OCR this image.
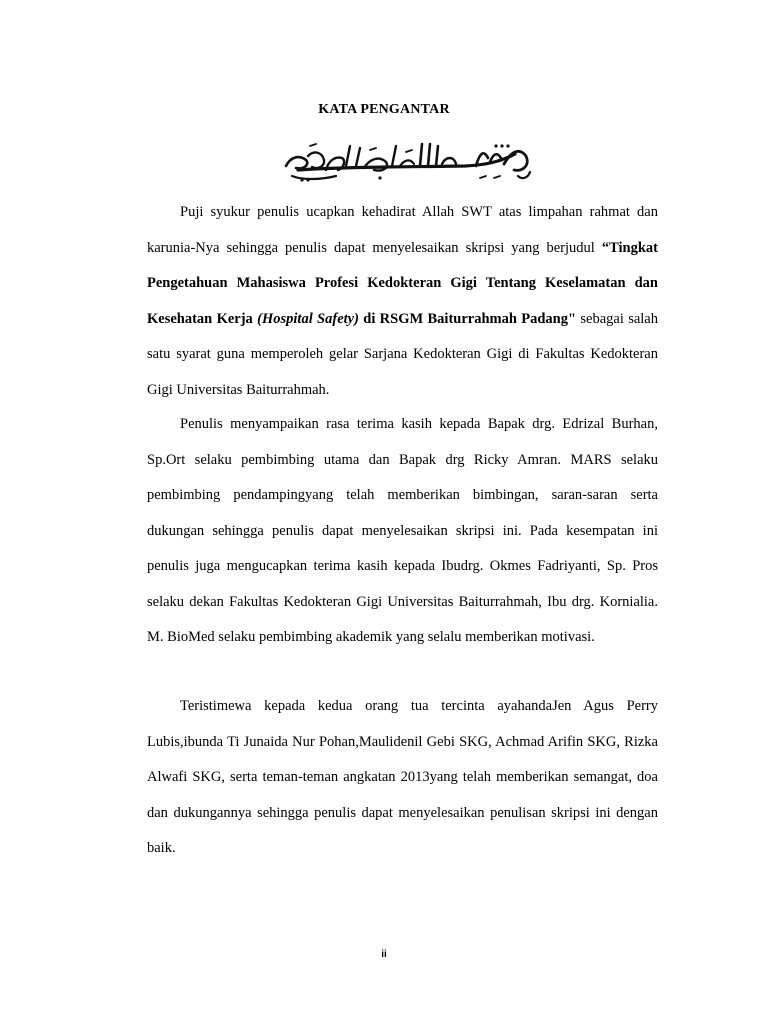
KATA PENGANTAR

Puji syukur penulis ucapkan kehadirat Allah SWT atas limpahan rahmat dan karunia-Nya sehingga penulis dapat menyelesaikan skripsi yang berjudul “Tingkat Pengetahuan Mahasiswa Profesi Kedokteran Gigi Tentang Keselamatan dan Kesehatan Kerja (Hospital Safety) di RSGM Baiturrahmah Padang" sebagai salah satu syarat guna memperoleh gelar Sarjana Kedokteran Gigi di Fakultas Kedokteran Gigi Universitas Baiturrahmah.

Penulis menyampaikan rasa terima kasih kepada Bapak drg. Edrizal Burhan, Sp.Ort selaku pembimbing utama dan Bapak drg Ricky Amran. MARS selaku pembimbing pendampingyang telah memberikan bimbingan, saran-saran serta dukungan sehingga penulis dapat menyelesaikan skripsi ini. Pada kesempatan ini penulis juga mengucapkan terima kasih kepada Ibudrg. Okmes Fadriyanti, Sp. Pros selaku dekan Fakultas Kedokteran Gigi Universitas Baiturrahmah, Ibu drg. Kornialia. M. BioMed selaku pembimbing akademik yang selalu memberikan motivasi.

Teristimewa kepada kedua orang tua tercinta ayahandaJen Agus Perry Lubis,ibunda Ti Junaida Nur Pohan,Maulidenil Gebi SKG, Achmad Arifin SKG, Rizka Alwafi SKG, serta teman-teman angkatan 2013yang telah memberikan semangat, doa dan dukungannya sehingga penulis dapat menyelesaikan penulisan skripsi ini dengan baik.

ii
